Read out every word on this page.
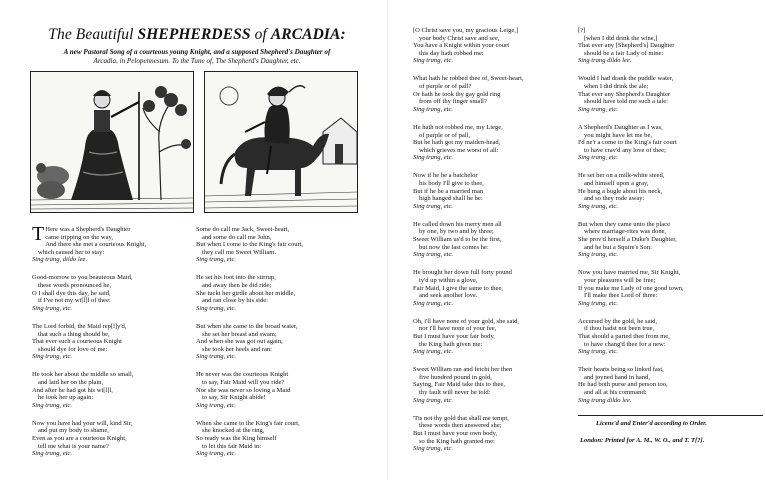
The Beautiful SHEPHERDESS of ARCADIA:
A new Pastoral Song of a courteous young Knight, and a supposed Shepherd's Daughter of
Arcadia, in Pelopennesum. To the Tune of, The Shepherd's Daughter, etc.
T Here was a Shepherd's Daughter
came tripping on the way,
And there she met a courteous Knight,
which caused her to stay:
Sing trang, dildo lee.
Good-morrow to you beauteous Maid,
these words pronounced he,
O I shall dye this day, he said,
if I've not my wi[l]l of thee:
Sing trang, etc.
The Lord forbid, the Maid rep[l]y'd,
that such a thing should be,
That ever such a courteous Knight
should dye for love of me:
Sing trang, etc.
He took her about the middle so small,
and laid her on the plain,
And after he had got his wi[l]l,
he took her up again:
Sing trang, etc.
Now you have had your will, kind Sir,
and put my body to shame,
Even as you are a courteous Knight,
tell me what is your name?
Sing trang, etc.
Some do call me Jack, Sweet-heart,
and some do call me John,
But when I come to the King's fair court,
they call me Sweet William.
Sing trang, etc.
He set his foot into the stirrup,
and away then he did ride;
She tuckt her girdle about her middle,
and ran close by his side:
Sing trang, etc.
But when she came to the broad water,
she set her breast and swam;
And when she was got out again,
she took her heels and ran:
Sing trang, etc.
He never was the courteous Knight
to say, Fair Maid will you ride?
Nor she was never so loving a Maid
to say, Sir Knight abide!
Sing trang, etc.
When she came to the King's fair court,
she knocked at the ring,
So ready was the King himself
to let this fair Maid in:
Sing trang, etc.
[O Christ save you, my gracious Leige,]
your body Christ save and see,
You have a Knight within your court
this day hath robbed me:
Sing trang, etc.
What hath he robbed thee of, Sweet-heart,
of purple or of pall?
Or hath he took thy gay gold ring
from off thy finger small?
Sing trang, etc.
He hath not robbed me, my Liege,
of purple or of pall,
But he hath got my maiden-head,
which grieves me worst of all:
Sing trang, etc.
Now if he be a batchelor
his body I'll give to thee,
But if he be a married man
high hanged shall he be:
Sing trang, etc.
He called down his merry men all
by one, by two and by three;
Sweet William us'd to be the first,
but now the last comes he:
Sing trang, etc.
He brought her down full forty pound
ty'd up within a glove,
Fair Maid, I give the same to thee,
and seek another love.
Sing trang, etc.
Oh, i'll have none of your gold, she said,
nor i'll have none of your fee,
But I must have your fair body,
the King hath given me:
Sing trang, etc.
Sweet William ran and fetcht her then
five hundred pound in gold,
Saying, Fair Maid take this to thee,
thy fault will never be told:
Sing trang, etc.
'Tis not thy gold that shall me tempt,
these words then answered she;
But I must have your own body,
so the King hath granted me:
Sing trang, etc.
[?]
[when I did drink the wine,]
That ever any [Shepherd's] Daughter
should be a fair Lady of mine:
Sing trang dildo lee.
Would I had drank the puddle water,
when I did drink the ale;
That ever any Shepherd's Daughter
should have told me such a tale:
Sing trang, etc.
A Shepherd's Daughter as I was,
you might have let me be,
I'd ne'r a come to the King's fair court
to have crav'd any love of thee;
Sing trang, etc.
He set her on a milk-white steed,
and himself upon a gray,
He hung a bugle about his neck,
and so they rode away:
Sing trang, etc.
But when they came unto the place
where marriage-rites was done,
She prov'd herself a Duke's Daughter,
and he but a Squire's Son:
Sing trang, etc.
Now you have married me, Sir Knight,
your pleasures will be free;
If you make me Lady of one good town,
I'll make thee Lord of three:
Sing trang, etc.
Accursed by the gold, he said,
if thou hadst not been true,
That should a parted thee from me,
to have chang'd thee for a new:
Sing trang, etc.
Their hearts being so linked fast,
and joyned hand in hand,
He had both purse and person too,
and all at his command:
Sing trang dildo lee.
Licens'd and Enter'd according to Order.
London: Printed for A. M., W. O., and T. T[?].
